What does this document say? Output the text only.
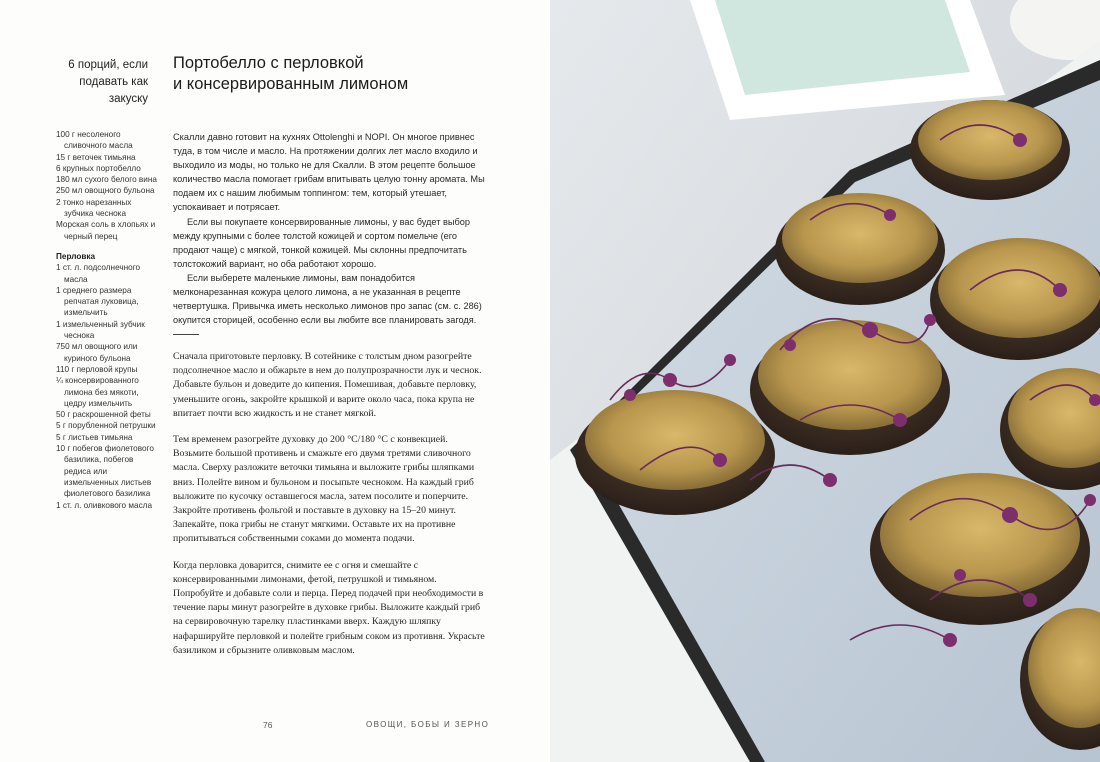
6 порций, если
подавать как закуску
Портобелло с перловкой
и консервированным лимоном
100 г несоленого сливочного масла
15 г веточек тимьяна
6 крупных портобелло
180 мл сухого белого вина
250 мл овощного бульона
2 тонко нарезанных зубчика чеснока
Морская соль в хлопьях и черный перец
Перловка
1 ст. л. подсолнечного масла
1 среднего размера репчатая луковица, измельчить
1 измельченный зубчик чеснока
750 мл овощного или куриного бульона
110 г перловой крупы
¼ консервированного лимона без мякоти, цедру измельчить
50 г раскрошенной феты
5 г порубленной петрушки
5 г листьев тимьяна
10 г побегов фиолетового базилика, побегов редиса или измельченных листьев фиолетового базилика
1 ст. л. оливкового масла

Скалли давно готовит на кухнях Ottolenghi и NOPI. Он многое привнес туда, в том числе и масло. На протяжении долгих лет масло входило и выходило из моды, но только не для Скалли. В этом рецепте большое количество масла помогает грибам впитывать целую тонну аромата. Мы подаем их с нашим любимым топпингом: тем, который утешает, успокаивает и потрясает.

Если вы покупаете консервированные лимоны, у вас будет выбор между крупными с более толстой кожицей и сортом помельче (его продают чаще) с мягкой, тонкой кожицей. Мы склонны предпочитать толстокожий вариант, но оба работают хорошо.

Если выберете маленькие лимоны, вам понадобится мелконарезанная кожура целого лимона, а не указанная в рецепте четвертушка. Привычка иметь несколько лимонов про запас (см. с. 286) окупится сторицей, особенно если вы любите все планировать загодя.

Сначала приготовьте перловку. В сотейнике с толстым дном разогрейте подсолнечное масло и обжарьте в нем до полупрозрачности лук и чеснок. Добавьте бульон и доведите до кипения. Помешивая, добавьте перловку, уменьшите огонь, закройте крышкой и варите около часа, пока крупа не впитает почти всю жидкость и не станет мягкой.

Тем временем разогрейте духовку до 200 °С/180 °С с конвекцией. Возьмите большой противень и смажьте его двумя третями сливочного масла. Сверху разложите веточки тимьяна и выложите грибы шляпками вниз. Полейте вином и бульоном и посыпьте чесноком. На каждый гриб выложите по кусочку оставшегося масла, затем посолите и поперчите. Закройте противень фольгой и поставьте в духовку на 15–20 минут. Запекайте, пока грибы не станут мягкими. Оставьте их на противне пропитываться собственными соками до момента подачи.

Когда перловка доварится, снимите ее с огня и смешайте с консервированными лимонами, фетой, петрушкой и тимьяном. Попробуйте и добавьте соли и перца. Перед подачей при необходимости в течение пары минут разогрейте в духовке грибы. Выложите каждый гриб на сервировочную тарелку пластинками вверх. Каждую шляпку нафаршируйте перловкой и полейте грибным соком из противня. Украсьте базиликом и сбрызните оливковым маслом.

76	ОВОЩИ, БОБЫ И ЗЕРНО
